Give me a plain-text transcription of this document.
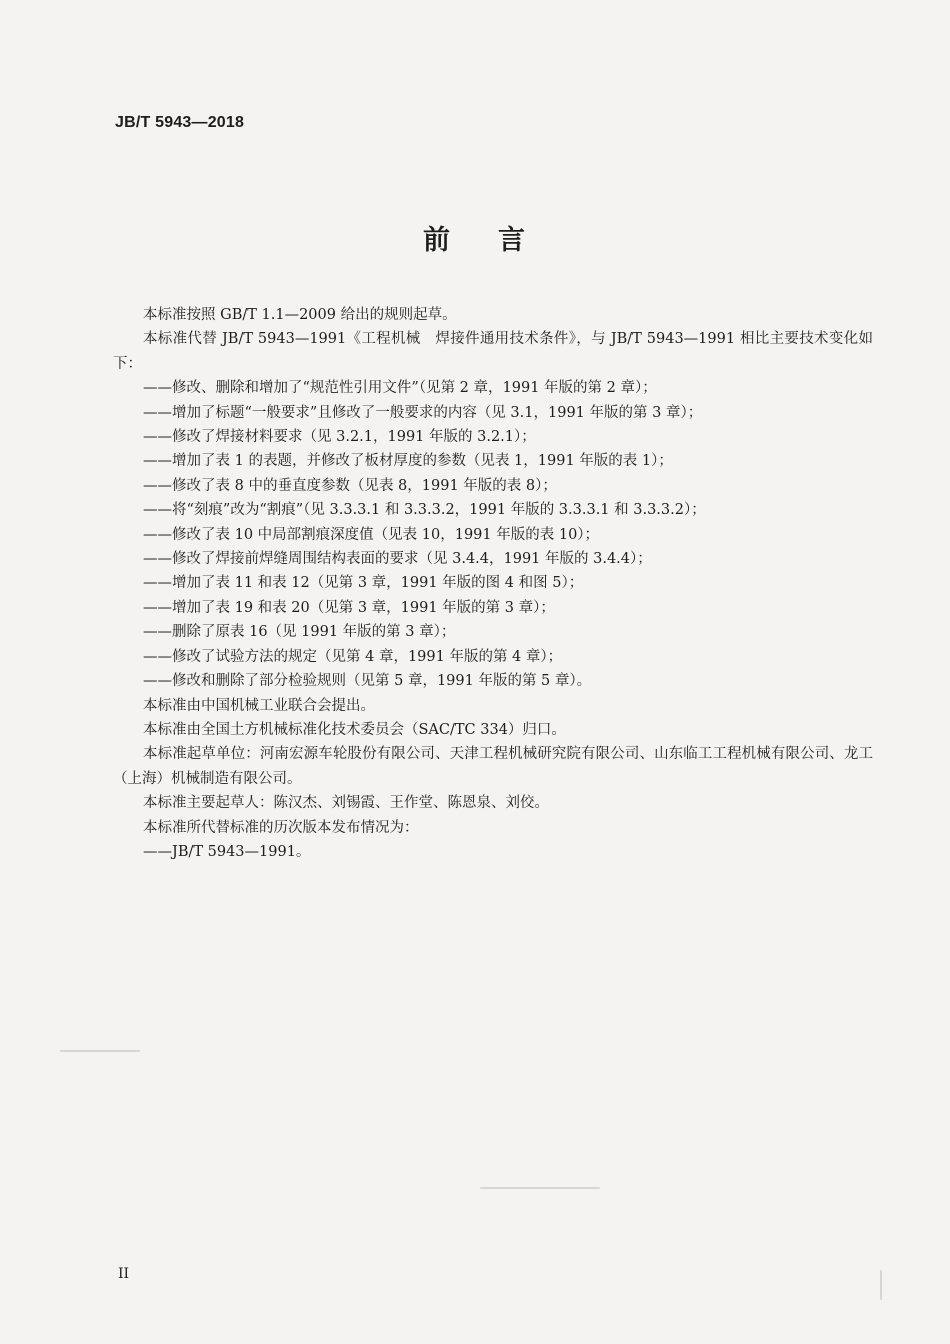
JB/T 5943—2018
前 言

本标准按照 GB/T 1.1—2009 给出的规则起草。

本标准代替 JB/T 5943—1991《工程机械　焊接件通用技术条件》，与 JB/T 5943—1991 相比主要技术变化如下：

——修改、删除和增加了“规范性引用文件”（见第 2 章，1991 年版的第 2 章）；

——增加了标题“一般要求”且修改了一般要求的内容（见 3.1，1991 年版的第 3 章）；

——修改了焊接材料要求（见 3.2.1，1991 年版的 3.2.1）；

——增加了表 1 的表题，并修改了板材厚度的参数（见表 1，1991 年版的表 1）；

——修改了表 8 中的垂直度参数（见表 8，1991 年版的表 8）；

——将“刻痕”改为“割痕”（见 3.3.3.1 和 3.3.3.2，1991 年版的 3.3.3.1 和 3.3.3.2）；

——修改了表 10 中局部割痕深度值（见表 10，1991 年版的表 10）；

——修改了焊接前焊缝周围结构表面的要求（见 3.4.4，1991 年版的 3.4.4）；

——增加了表 11 和表 12（见第 3 章，1991 年版的图 4 和图 5）；

——增加了表 19 和表 20（见第 3 章，1991 年版的第 3 章）；

——删除了原表 16（见 1991 年版的第 3 章）；

——修改了试验方法的规定（见第 4 章，1991 年版的第 4 章）；

——修改和删除了部分检验规则（见第 5 章，1991 年版的第 5 章）。

本标准由中国机械工业联合会提出。

本标准由全国土方机械标准化技术委员会（SAC/TC 334）归口。

本标准起草单位：河南宏源车轮股份有限公司、天津工程机械研究院有限公司、山东临工工程机械有限公司、龙工（上海）机械制造有限公司。

本标准主要起草人：陈汉杰、刘锡霞、王作堂、陈恩泉、刘佼。

本标准所代替标准的历次版本发布情况为：

——JB/T 5943—1991。

II
